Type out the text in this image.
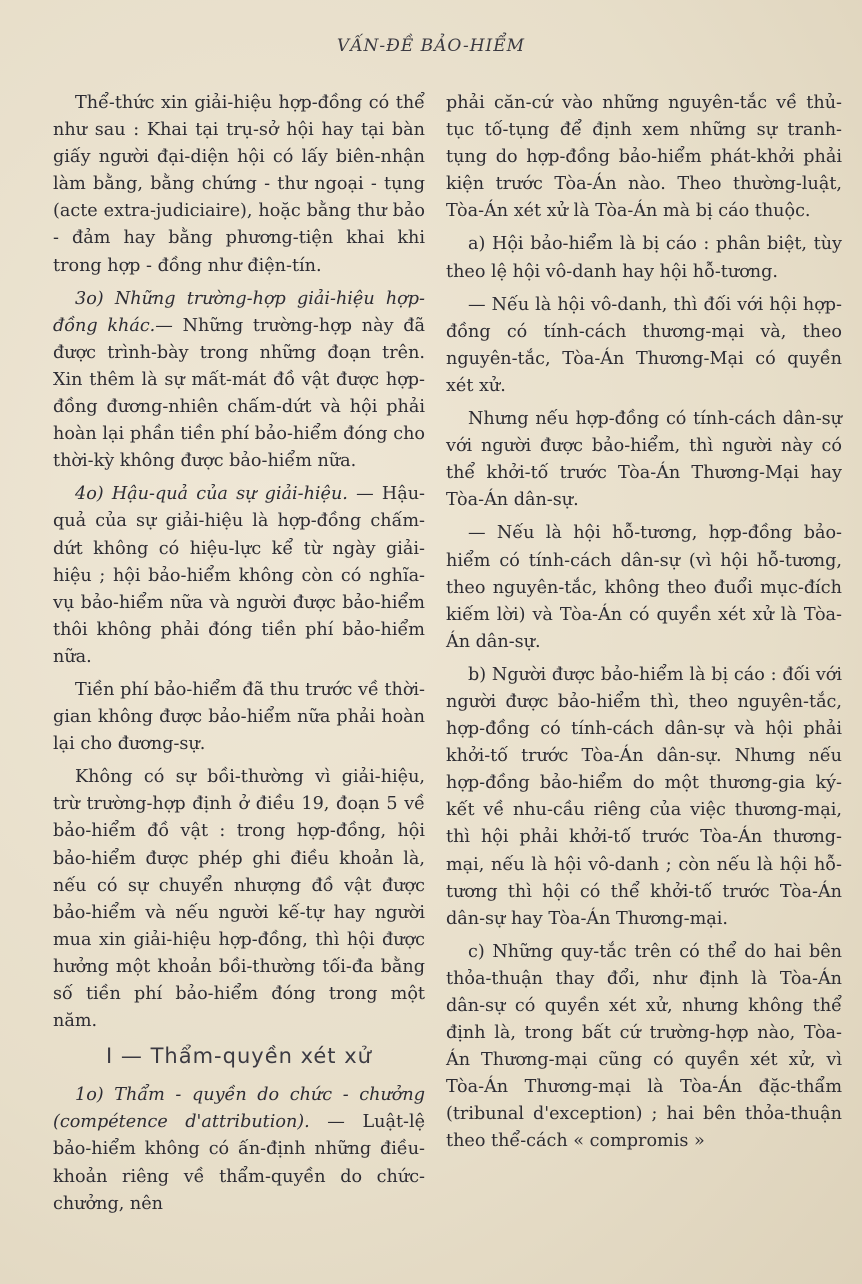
VẤN-ĐỀ BẢO-HIỂM

Thể-thức xin giải-hiệu hợp-đồng có thể như sau : Khai tại trụ-sở hội hay tại bàn giấy người đại-diện hội có lấy biên-nhận làm bằng, bằng chứng - thư ngoại - tụng (acte extra-judiciaire), hoặc bằng thư bảo - đảm hay bằng phương-tiện khai khi trong hợp - đồng như điện-tín.

3o) Những trường-hợp giải-hiệu hợp-đồng khác.— Những trường-hợp này đã được trình-bày trong những đoạn trên. Xin thêm là sự mất-mát đồ vật được hợp-đồng đương-nhiên chấm-dứt và hội phải hoàn lại phần tiền phí bảo-hiểm đóng cho thời-kỳ không được bảo-hiểm nữa.

4o) Hậu-quả của sự giải-hiệu. — Hậu-quả của sự giải-hiệu là hợp-đồng chấm-dứt không có hiệu-lực kể từ ngày giải-hiệu ; hội bảo-hiểm không còn có nghĩa-vụ bảo-hiểm nữa và người được bảo-hiểm thôi không phải đóng tiền phí bảo-hiểm nữa.

Tiền phí bảo-hiểm đã thu trước về thời-gian không được bảo-hiểm nữa phải hoàn lại cho đương-sự.

Không có sự bồi-thường vì giải-hiệu, trừ trường-hợp định ở điều 19, đoạn 5 về bảo-hiểm đồ vật : trong hợp-đồng, hội bảo-hiểm được phép ghi điều khoản là, nếu có sự chuyển nhượng đồ vật được bảo-hiểm và nếu người kế-tự hay người mua xin giải-hiệu hợp-đồng, thì hội được hưởng một khoản bồi-thường tối-đa bằng số tiền phí bảo-hiểm đóng trong một năm.

I — Thẩm-quyền xét xử

1o) Thẩm - quyền do chức - chưởng (compétence d'attribution). — Luật-lệ bảo-hiểm không có ấn-định những điều-khoản riêng về thẩm-quyền do chức-chưởng, nên

phải căn-cứ vào những nguyên-tắc về thủ-tục tố-tụng để định xem những sự tranh-tụng do hợp-đồng bảo-hiểm phát-khởi phải kiện trước Tòa-Án nào. Theo thường-luật, Tòa-Án xét xử là Tòa-Án mà bị cáo thuộc.

a) Hội bảo-hiểm là bị cáo : phân biệt, tùy theo lệ hội vô-danh hay hội hỗ-tương.

— Nếu là hội vô-danh, thì đối với hội hợp-đồng có tính-cách thương-mại và, theo nguyên-tắc, Tòa-Án Thương-Mại có quyền xét xử.

Nhưng nếu hợp-đồng có tính-cách dân-sự với người được bảo-hiểm, thì người này có thể khởi-tố trước Tòa-Án Thương-Mại hay Tòa-Án dân-sự.

— Nếu là hội hỗ-tương, hợp-đồng bảo-hiểm có tính-cách dân-sự (vì hội hỗ-tương, theo nguyên-tắc, không theo đuổi mục-đích kiếm lời) và Tòa-Án có quyền xét xử là Tòa-Án dân-sự.

b) Người được bảo-hiểm là bị cáo : đối với người được bảo-hiểm thì, theo nguyên-tắc, hợp-đồng có tính-cách dân-sự và hội phải khởi-tố trước Tòa-Án dân-sự. Nhưng nếu hợp-đồng bảo-hiểm do một thương-gia ký-kết về nhu-cầu riêng của việc thương-mại, thì hội phải khởi-tố trước Tòa-Án thương-mại, nếu là hội vô-danh ; còn nếu là hội hỗ-tương thì hội có thể khởi-tố trước Tòa-Án dân-sự hay Tòa-Án Thương-mại.

c) Những quy-tắc trên có thể do hai bên thỏa-thuận thay đổi, như định là Tòa-Án dân-sự có quyền xét xử, nhưng không thể định là, trong bất cứ trường-hợp nào, Tòa-Án Thương-mại cũng có quyền xét xử, vì Tòa-Án Thương-mại là Tòa-Án đặc-thẩm (tribunal d'exception) ; hai bên thỏa-thuận theo thể-cách « compromis »
